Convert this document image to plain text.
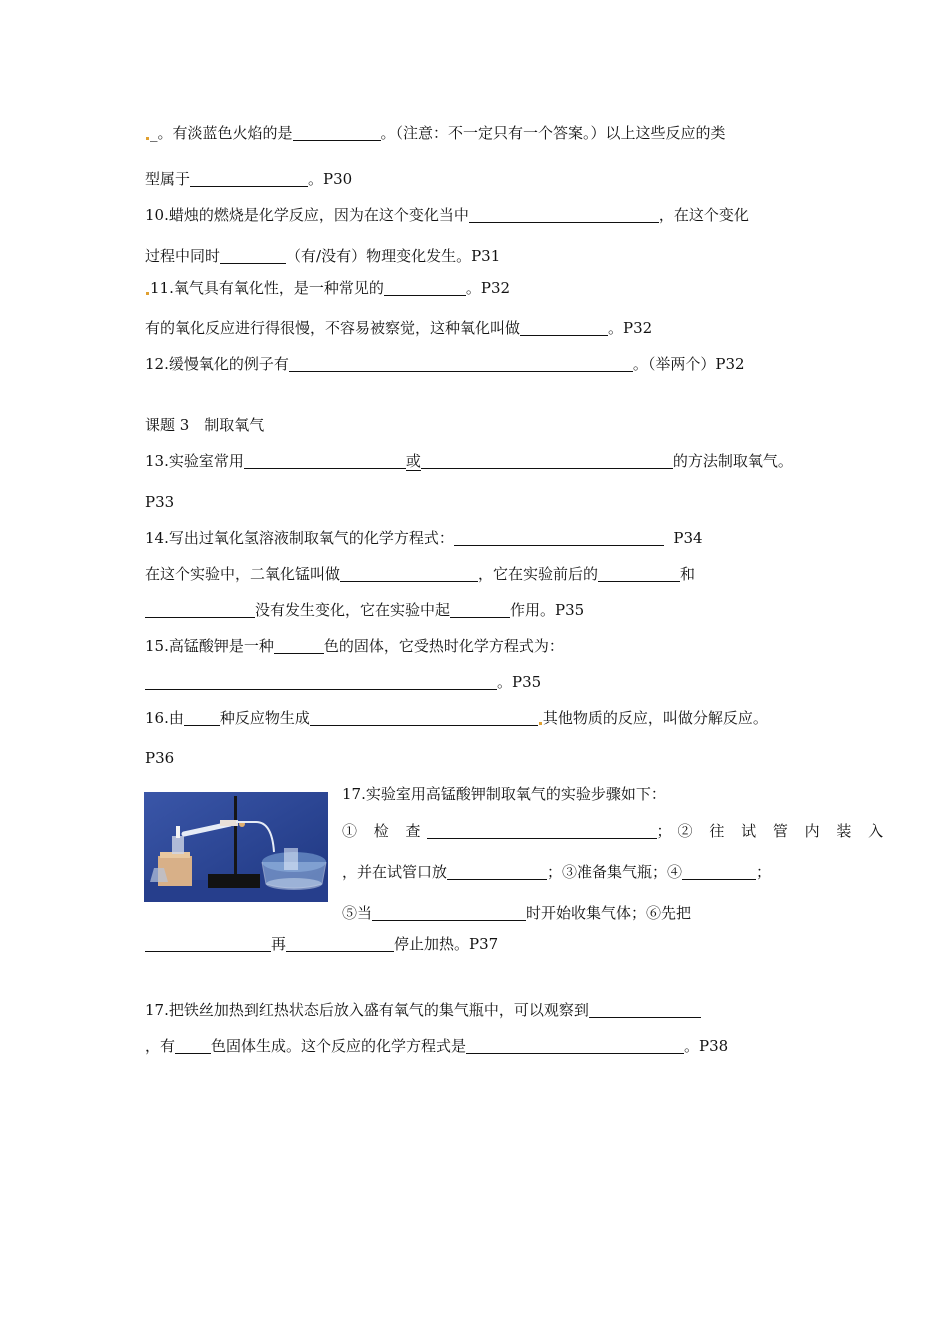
_。有淡蓝色火焰的是	。（注意：不一定只有一个答案。）以上这些反应的类
型属于	。P30
10.蜡烛的燃烧是化学反应，因为在这个变化当中	，在这个变化
过程中同时	（有/没有）物理变化发生。P31
11.氧气具有氧化性，是一种常见的	。P32
有的氧化反应进行得很慢，不容易被察觉，这种氧化叫做	。P32
12.缓慢氧化的例子有	。（举两个）P32
课题 3　制取氧气
13.实验室常用	或	的方法制取氧气。
P33
14.写出过氧化氢溶液制取氧气的化学方程式：	P34
在这个实验中，二氧化锰叫做	，它在实验前后的	和
没有发生变化，它在实验中起	作用。P35
15.高锰酸钾是一种	色的固体，它受热时化学方程式为：
。P35
16.由 种反应物生成	其他物质的反应，叫做分解反应。
P36
17.实验室用高锰酸钾制取氧气的实验步骤如下：
① 检 查	；② 往 试 管 内 装 入
，并在试管口放	；③准备集气瓶；④	；
⑤当	时开始收集气体；⑥先把
再	停止加热。P37
17.把铁丝加热到红热状态后放入盛有氧气的集气瓶中，可以观察到
，有 色固体生成。这个反应的化学方程式是	。P38
